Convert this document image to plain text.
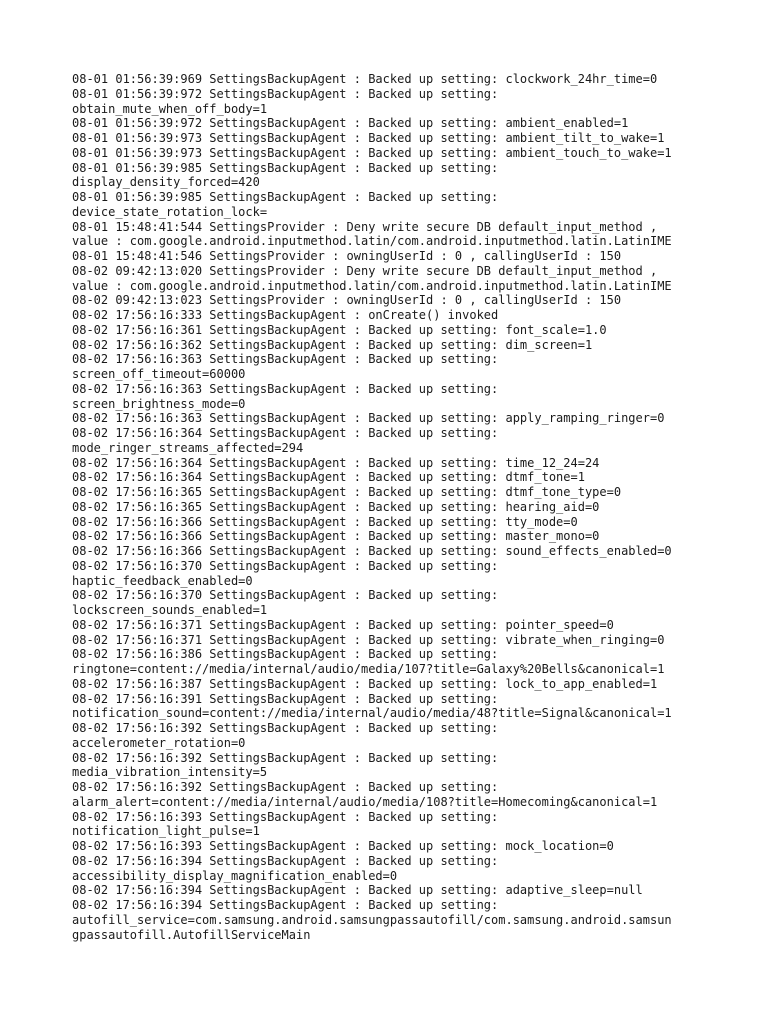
08-01 01:56:39:969 SettingsBackupAgent : Backed up setting: clockwork_24hr_time=0
08-01 01:56:39:972 SettingsBackupAgent : Backed up setting:
obtain_mute_when_off_body=1
08-01 01:56:39:972 SettingsBackupAgent : Backed up setting: ambient_enabled=1
08-01 01:56:39:973 SettingsBackupAgent : Backed up setting: ambient_tilt_to_wake=1
08-01 01:56:39:973 SettingsBackupAgent : Backed up setting: ambient_touch_to_wake=1
08-01 01:56:39:985 SettingsBackupAgent : Backed up setting:
display_density_forced=420
08-01 01:56:39:985 SettingsBackupAgent : Backed up setting:
device_state_rotation_lock=
08-01 15:48:41:544 SettingsProvider : Deny write secure DB default_input_method ,
value : com.google.android.inputmethod.latin/com.android.inputmethod.latin.LatinIME
08-01 15:48:41:546 SettingsProvider : owningUserId : 0 , callingUserId : 150
08-02 09:42:13:020 SettingsProvider : Deny write secure DB default_input_method ,
value : com.google.android.inputmethod.latin/com.android.inputmethod.latin.LatinIME
08-02 09:42:13:023 SettingsProvider : owningUserId : 0 , callingUserId : 150
08-02 17:56:16:333 SettingsBackupAgent : onCreate() invoked
08-02 17:56:16:361 SettingsBackupAgent : Backed up setting: font_scale=1.0
08-02 17:56:16:362 SettingsBackupAgent : Backed up setting: dim_screen=1
08-02 17:56:16:363 SettingsBackupAgent : Backed up setting:
screen_off_timeout=60000
08-02 17:56:16:363 SettingsBackupAgent : Backed up setting:
screen_brightness_mode=0
08-02 17:56:16:363 SettingsBackupAgent : Backed up setting: apply_ramping_ringer=0
08-02 17:56:16:364 SettingsBackupAgent : Backed up setting:
mode_ringer_streams_affected=294
08-02 17:56:16:364 SettingsBackupAgent : Backed up setting: time_12_24=24
08-02 17:56:16:364 SettingsBackupAgent : Backed up setting: dtmf_tone=1
08-02 17:56:16:365 SettingsBackupAgent : Backed up setting: dtmf_tone_type=0
08-02 17:56:16:365 SettingsBackupAgent : Backed up setting: hearing_aid=0
08-02 17:56:16:366 SettingsBackupAgent : Backed up setting: tty_mode=0
08-02 17:56:16:366 SettingsBackupAgent : Backed up setting: master_mono=0
08-02 17:56:16:366 SettingsBackupAgent : Backed up setting: sound_effects_enabled=0
08-02 17:56:16:370 SettingsBackupAgent : Backed up setting:
haptic_feedback_enabled=0
08-02 17:56:16:370 SettingsBackupAgent : Backed up setting:
lockscreen_sounds_enabled=1
08-02 17:56:16:371 SettingsBackupAgent : Backed up setting: pointer_speed=0
08-02 17:56:16:371 SettingsBackupAgent : Backed up setting: vibrate_when_ringing=0
08-02 17:56:16:386 SettingsBackupAgent : Backed up setting:
ringtone=content://media/internal/audio/media/107?title=Galaxy%20Bells&canonical=1
08-02 17:56:16:387 SettingsBackupAgent : Backed up setting: lock_to_app_enabled=1
08-02 17:56:16:391 SettingsBackupAgent : Backed up setting:
notification_sound=content://media/internal/audio/media/48?title=Signal&canonical=1
08-02 17:56:16:392 SettingsBackupAgent : Backed up setting:
accelerometer_rotation=0
08-02 17:56:16:392 SettingsBackupAgent : Backed up setting:
media_vibration_intensity=5
08-02 17:56:16:392 SettingsBackupAgent : Backed up setting:
alarm_alert=content://media/internal/audio/media/108?title=Homecoming&canonical=1
08-02 17:56:16:393 SettingsBackupAgent : Backed up setting:
notification_light_pulse=1
08-02 17:56:16:393 SettingsBackupAgent : Backed up setting: mock_location=0
08-02 17:56:16:394 SettingsBackupAgent : Backed up setting:
accessibility_display_magnification_enabled=0
08-02 17:56:16:394 SettingsBackupAgent : Backed up setting: adaptive_sleep=null
08-02 17:56:16:394 SettingsBackupAgent : Backed up setting:
autofill_service=com.samsung.android.samsungpassautofill/com.samsung.android.samsun
gpassautofill.AutofillServiceMain
